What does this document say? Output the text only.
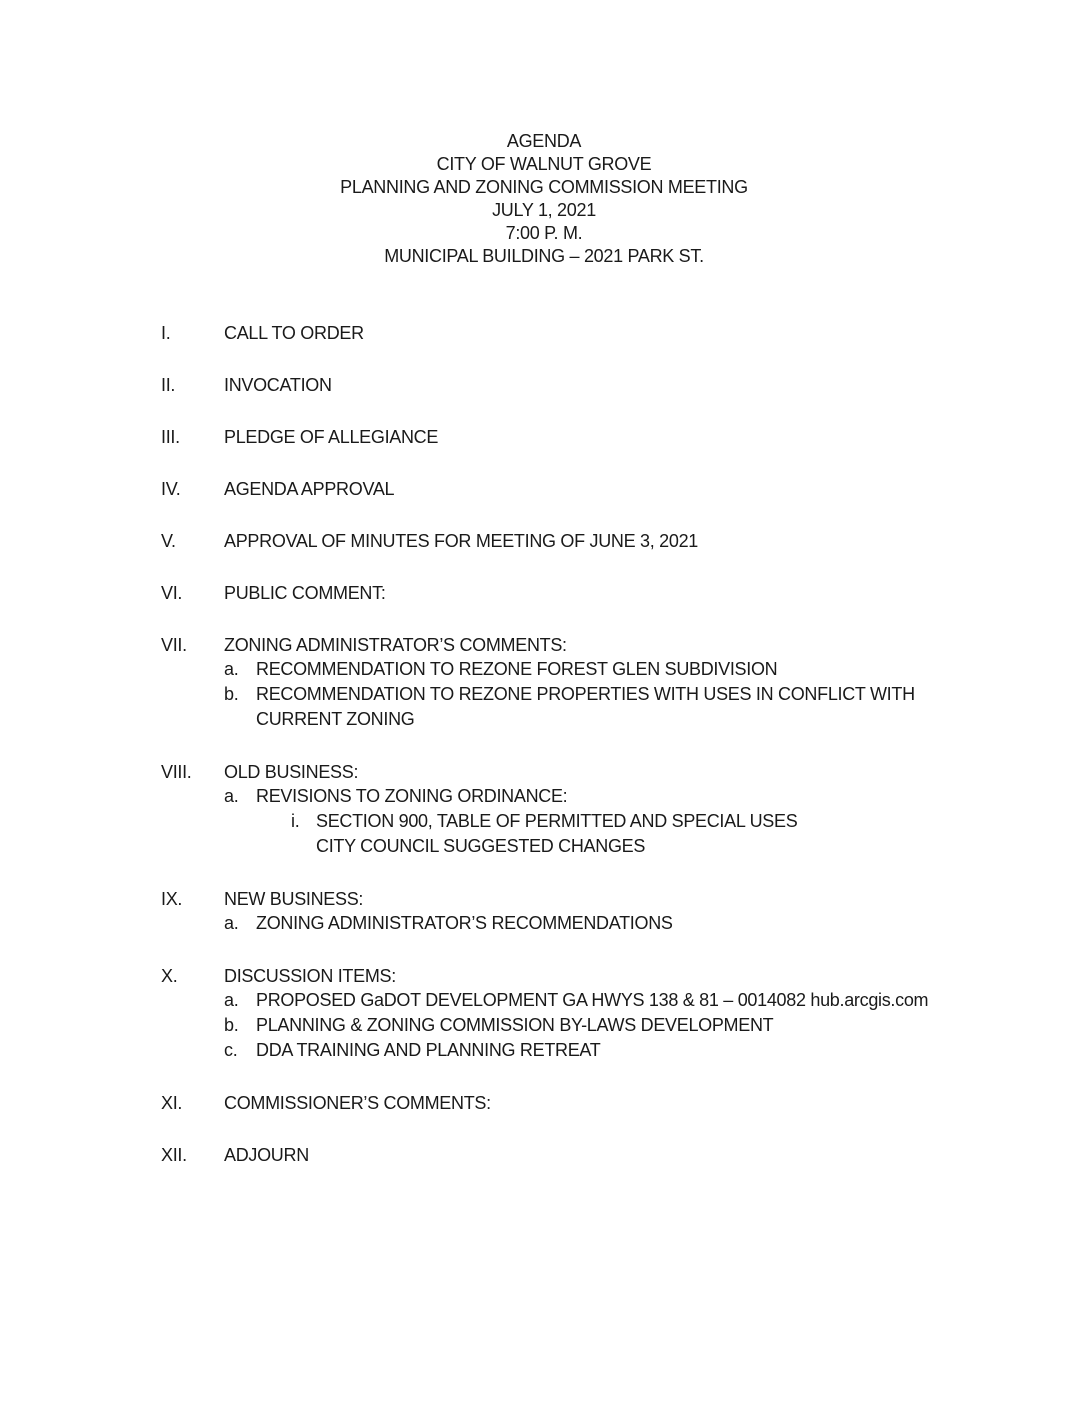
AGENDA
CITY OF WALNUT GROVE
PLANNING AND ZONING COMMISSION MEETING
JULY 1, 2021
7:00 P. M.
MUNICIPAL BUILDING – 2021 PARK ST.
I.	CALL TO ORDER
II.	INVOCATION
III.	PLEDGE OF ALLEGIANCE
IV.	AGENDA APPROVAL
V.	APPROVAL OF MINUTES FOR MEETING OF JUNE 3, 2021
VI.	PUBLIC COMMENT:
VII.	ZONING ADMINISTRATOR’S COMMENTS:
a. RECOMMENDATION TO REZONE FOREST GLEN SUBDIVISION
b. RECOMMENDATION TO REZONE PROPERTIES WITH USES IN CONFLICT WITH CURRENT ZONING
VIII.	OLD BUSINESS:
a. REVISIONS TO ZONING ORDINANCE:
i. SECTION 900, TABLE OF PERMITTED AND SPECIAL USES
CITY COUNCIL SUGGESTED CHANGES
IX.	NEW BUSINESS:
a. ZONING ADMINISTRATOR’S RECOMMENDATIONS
X.	DISCUSSION ITEMS:
a. PROPOSED GaDOT DEVELOPMENT GA HWYS 138 & 81 – 0014082 hub.arcgis.com
b. PLANNING & ZONING COMMISSION BY-LAWS DEVELOPMENT
c.	DDA TRAINING AND PLANNING RETREAT
XI.	COMMISSIONER’S COMMENTS:
XII.	ADJOURN
